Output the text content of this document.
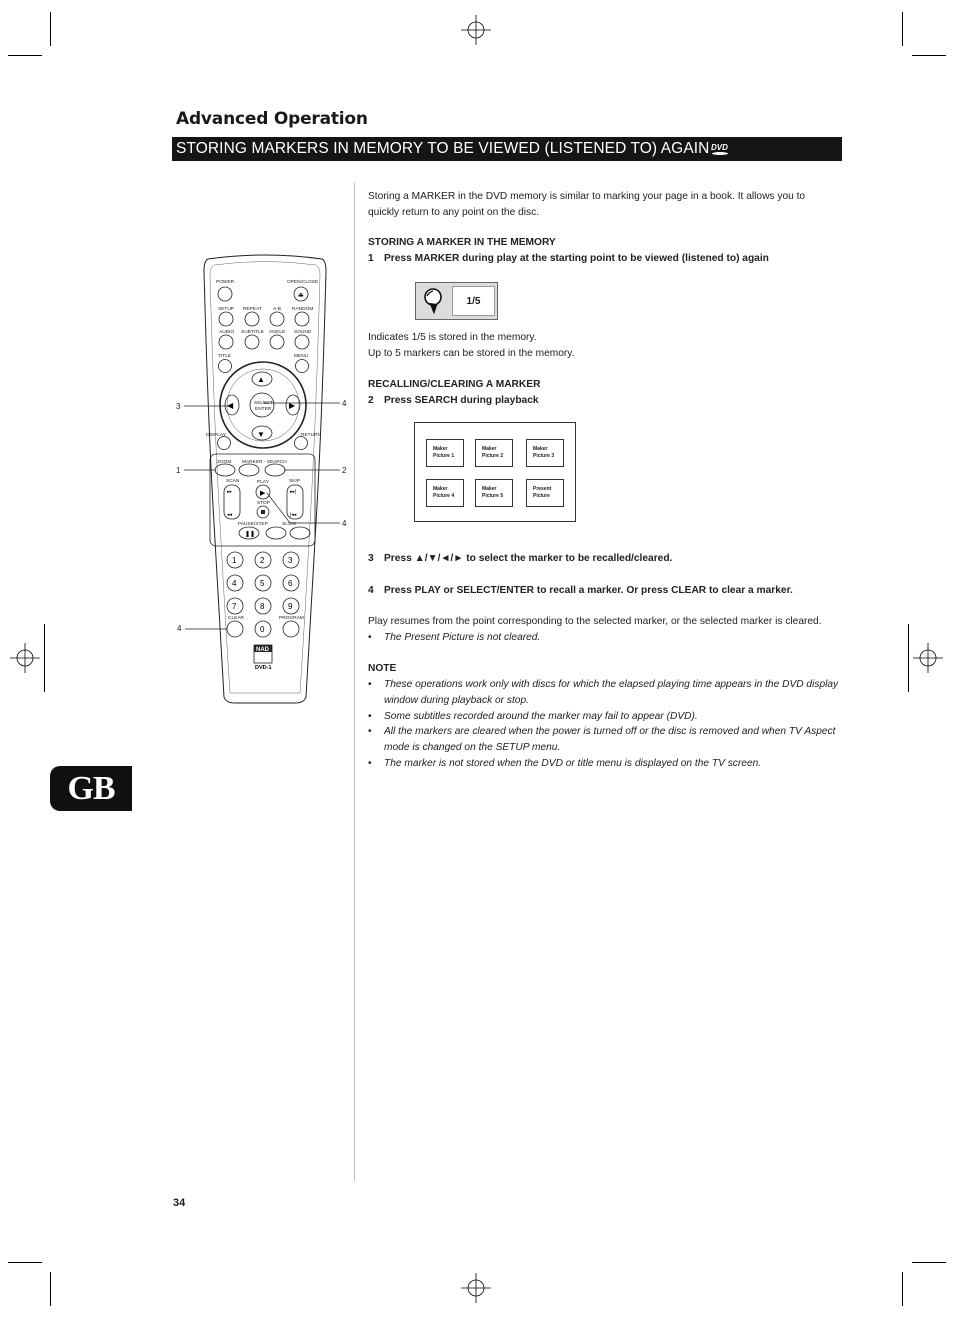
Advanced Operation
STORING MARKERS IN MEMORY TO BE VIEWED (LISTENED TO) AGAIN DVD
POWER	OPEN/CLOSE
⏏
SETUP REPEAT A-B RANDOM
AUDIO SUBTITLE ANGLE SOUND
TITLE	MENU
▲
▼
◀	▶
SELECT
ENTER
DISPLAY	RETURN
ZOOM MARKER - SEARCH
SCAN	PLAY	SKIP
▸▸
◂◂
▸▸|
|◂◂
▶
STOP
PAUSE/STEP	SLOW
❚❚
1	2	3
4	5	6
7	8	9
0
CLEAR	PROGRAM
NAD
DVD-1
3	4
1	2
4
4
GB
Storing a MARKER in the DVD memory is similar to marking your page in a book. It allows you to quickly return to any point on the disc.
STORING A MARKER IN THE MEMORY
1 Press MARKER during play at the starting point to be viewed (listened to) again
1/5
Indicates 1/5 is stored in the memory.
Up to 5 markers can be stored in the memory.
RECALLING/CLEARING A MARKER
2 Press SEARCH during playback
Maker
Picture 1
Maker
Picture 2
Maker
Picture 3
Maker
Picture 4
Maker
Picture 5
Present
Picture
3 Press ▲/▼/◄/► to select the marker to be recalled/cleared.
4 Press PLAY or SELECT/ENTER to recall a marker. Or press CLEAR to clear a marker.
Play resumes from the point corresponding to the selected marker, or the selected marker is cleared.
• The Present Picture is not cleared.
NOTE
• These operations work only with discs for which the elapsed playing time appears in the DVD display window during playback or stop.
• Some subtitles recorded around the marker may fail to appear (DVD).
• All the markers are cleared when the power is turned off or the disc is removed and when TV Aspect mode is changed on the SETUP menu.
• The marker is not stored when the DVD or title menu is displayed on the TV screen.
34
